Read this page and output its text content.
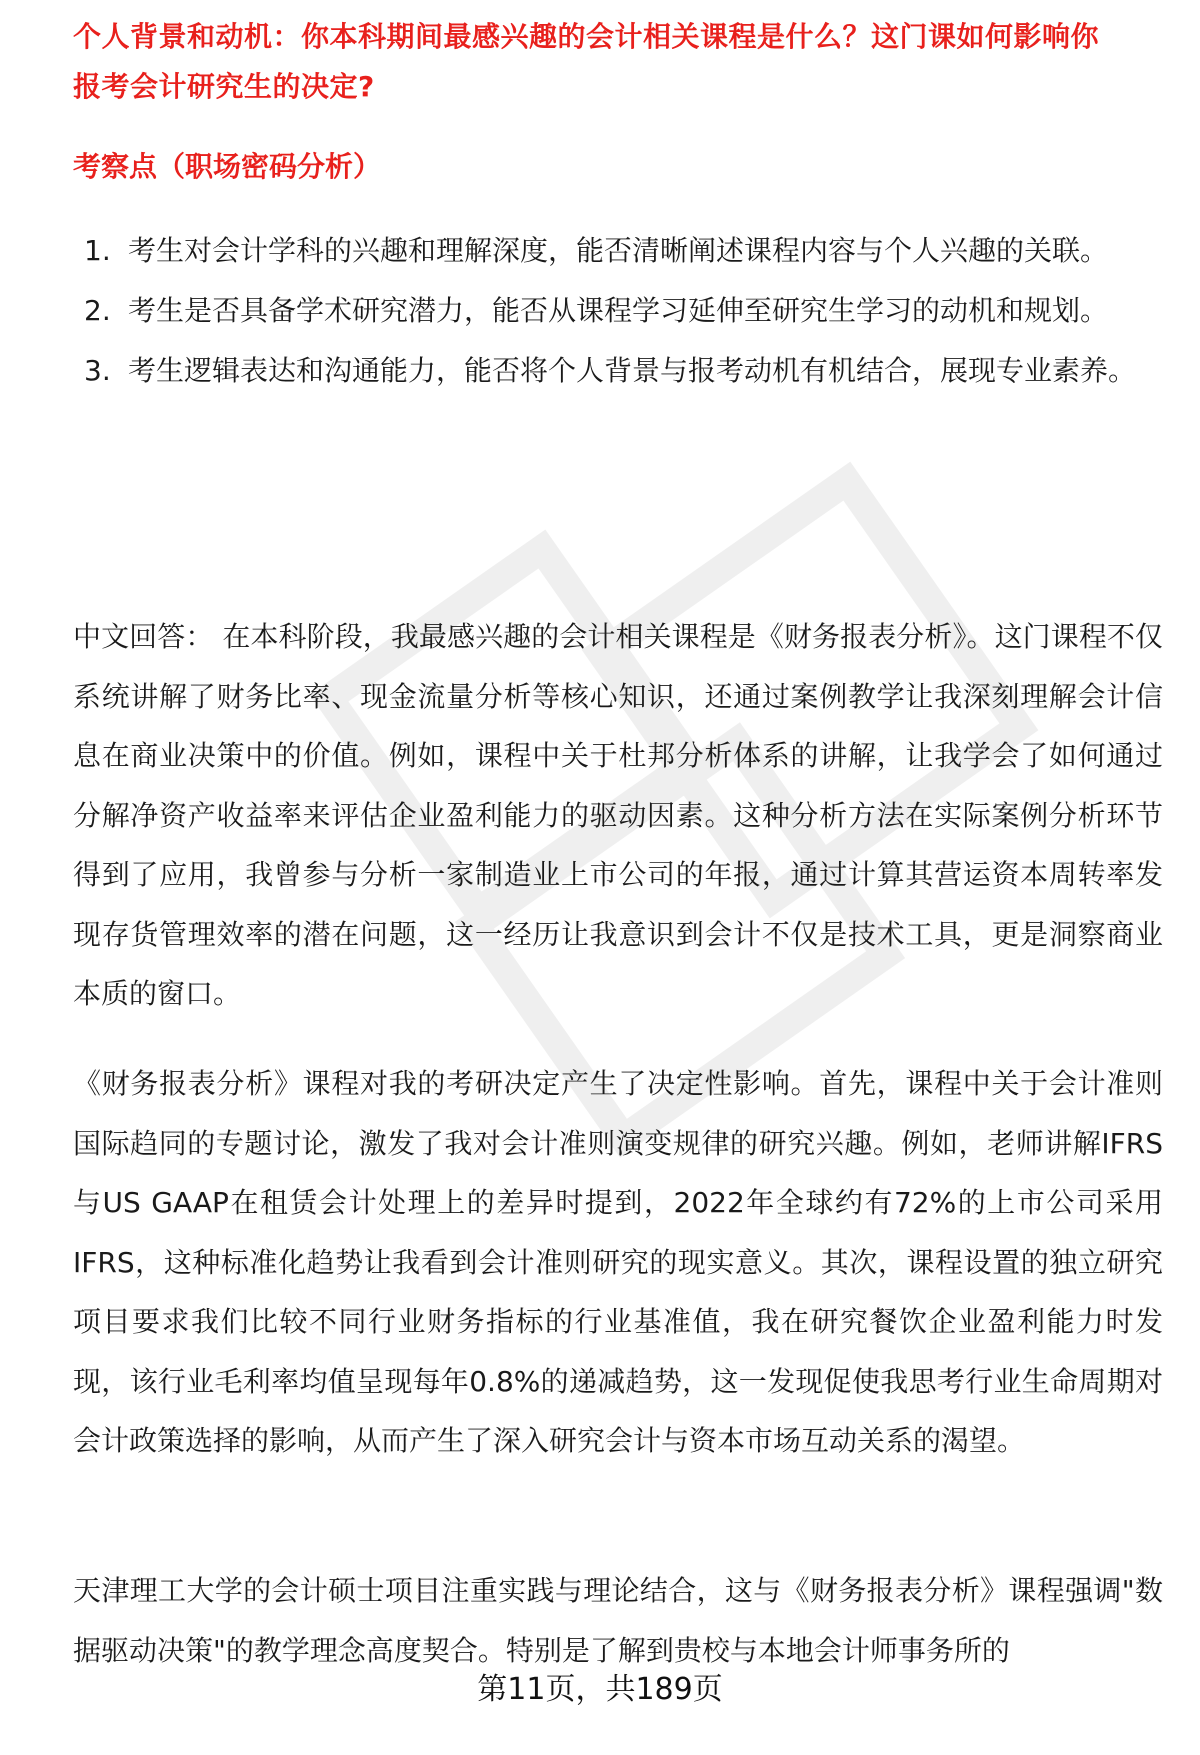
个人背景和动机：你本科期间最感兴趣的会计相关课程是什么？这门课如何影响你
报考会计研究生的决定?
考察点（职场密码分析）
1. 考生对会计学科的兴趣和理解深度，能否清晰阐述课程内容与个人兴趣的关联。
2. 考生是否具备学术研究潜力，能否从课程学习延伸至研究生学习的动机和规划。
3. 考生逻辑表达和沟通能力，能否将个人背景与报考动机有机结合，展现专业素养。

中文回答： 在本科阶段，我最感兴趣的会计相关课程是《财务报表分析》。这门课程不仅系统讲解了财务比率、现金流量分析等核心知识，还通过案例教学让我深刻理解会计信息在商业决策中的价值。例如，课程中关于杜邦分析体系的讲解，让我学会了如何通过分解净资产收益率来评估企业盈利能力的驱动因素。这种分析方法在实际案例分析环节得到了应用，我曾参与分析一家制造业上市公司的年报，通过计算其营运资本周转率发现存货管理效率的潜在问题，这一经历让我意识到会计不仅是技术工具，更是洞察商业本质的窗口。

《财务报表分析》课程对我的考研决定产生了决定性影响。首先，课程中关于会计准则国际趋同的专题讨论，激发了我对会计准则演变规律的研究兴趣。例如，老师讲解IFRS与US GAAP在租赁会计处理上的差异时提到，2022年全球约有72%的上市公司采用IFRS，这种标准化趋势让我看到会计准则研究的现实意义。其次，课程设置的独立研究项目要求我们比较不同行业财务指标的行业基准值，我在研究餐饮企业盈利能力时发现，该行业毛利率均值呈现每年0.8%的递减趋势，这一发现促使我思考行业生命周期对会计政策选择的影响，从而产生了深入研究会计与资本市场互动关系的渴望。

天津理工大学的会计硕士项目注重实践与理论结合，这与《财务报表分析》课程强调"数据驱动决策"的教学理念高度契合。特别是了解到贵校与本地会计师事务所的

第11页，共189页
